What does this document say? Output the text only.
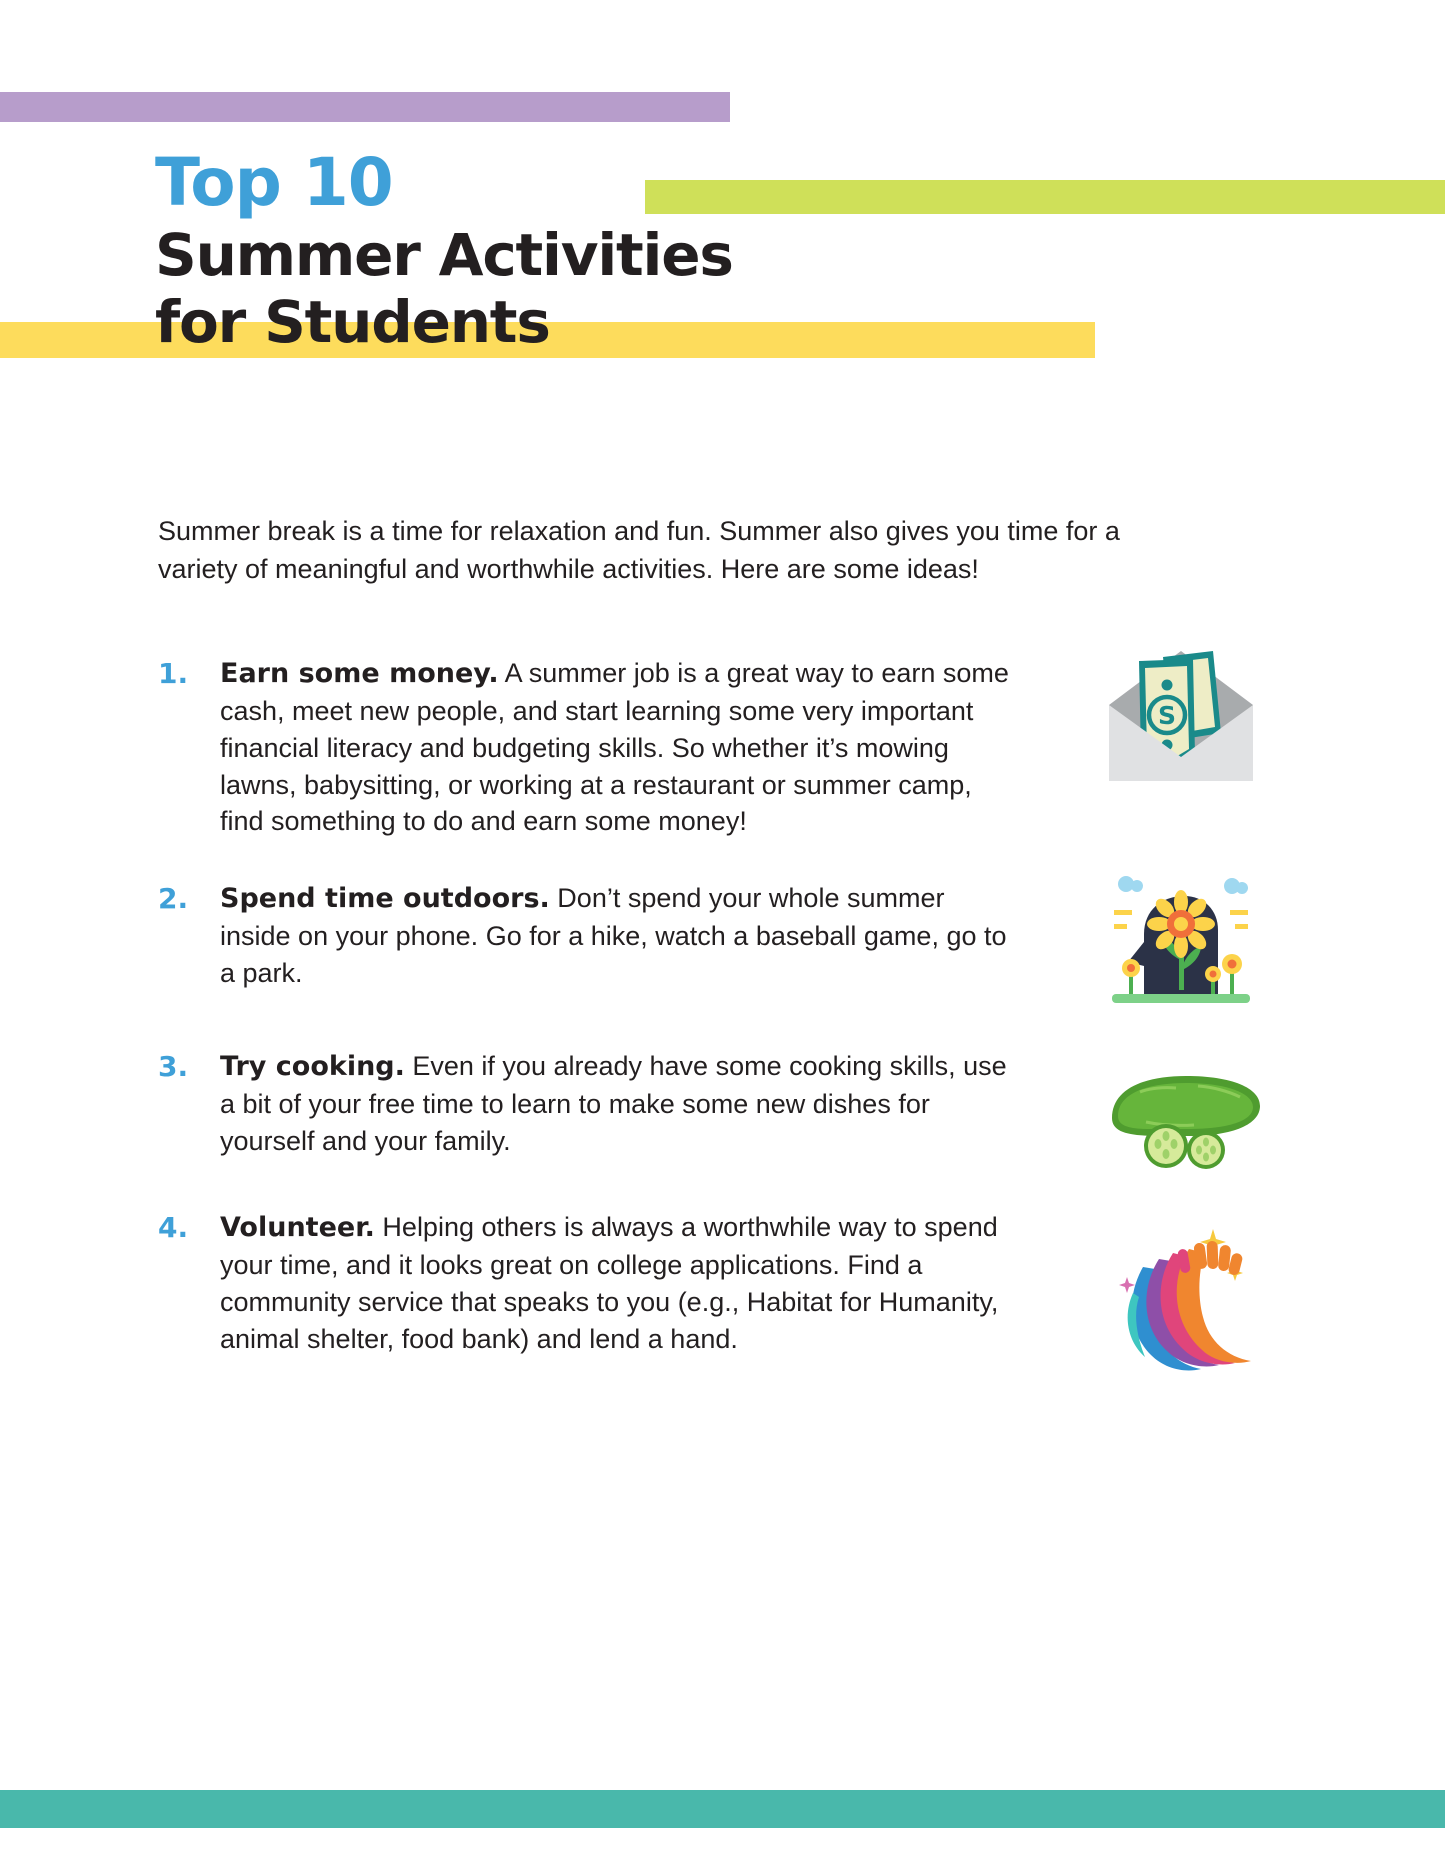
Top 10
Summer Activities
for Students
Summer break is a time for relaxation and fun. Summer also gives you time for a variety of meaningful and worthwhile activities. Here are some ideas!
1.	Earn some money. A summer job is a great way to earn some cash, meet new people, and start learning some very important financial literacy and budgeting skills. So whether it’s mowing lawns, babysitting, or working at a restaurant or summer camp, find something to do and earn some money!
S
2.	Spend time outdoors. Don’t spend your whole summer inside on your phone. Go for a hike, watch a baseball game, go to a park.
3.	Try cooking. Even if you already have some cooking skills, use a bit of your free time to learn to make some new dishes for yourself and your family.
4.	Volunteer. Helping others is always a worthwhile way to spend your time, and it looks great on college applications. Find a community service that speaks to you (e.g., Habitat for Humanity, animal shelter, food bank) and lend a hand.
